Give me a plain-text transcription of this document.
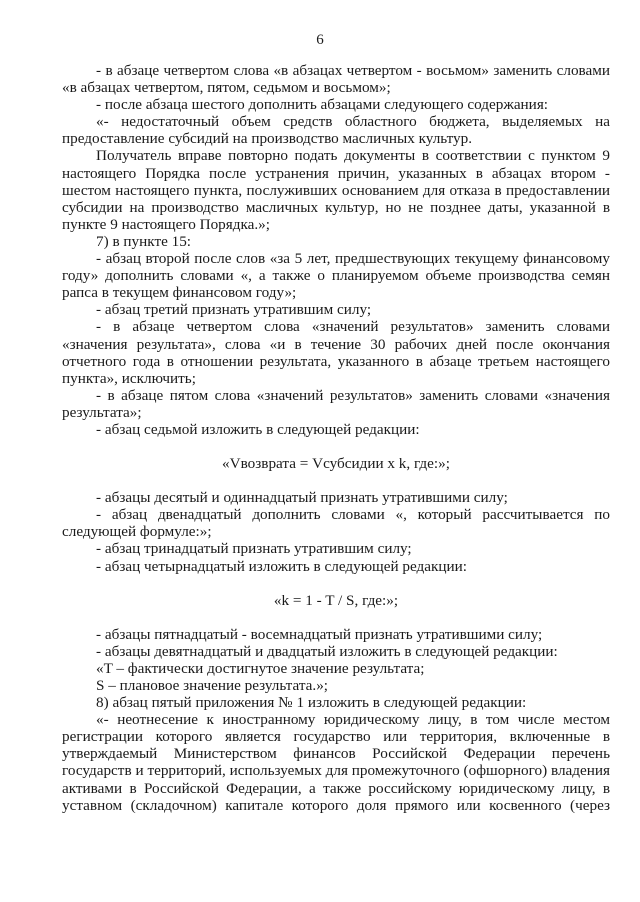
6

- в абзаце четвертом слова «в абзацах четвертом - восьмом» заменить словами «в абзацах четвертом, пятом, седьмом и восьмом»;

- после абзаца шестого дополнить абзацами следующего содержания:

«- недостаточный объем средств областного бюджета, выделяемых на предоставление субсидий на производство масличных культур.

Получатель вправе повторно подать документы в соответствии с пунктом 9 настоящего Порядка после устранения причин, указанных в абзацах втором - шестом настоящего пункта, послуживших основанием для отказа в предоставлении субсидии на производство масличных культур, но не позднее даты, указанной в пункте 9 настоящего Порядка.»;

7) в пункте 15:

- абзац второй после слов «за 5 лет, предшествующих текущему финансовому году» дополнить словами «, а также о планируемом объеме производства семян рапса в текущем финансовом году»;

- абзац третий признать утратившим силу;

- в абзаце четвертом слова «значений результатов» заменить словами «значения результата», слова «и в течение 30 рабочих дней после окончания отчетного года в отношении результата, указанного в абзаце третьем настоящего пункта», исключить;

- в абзаце пятом слова «значений результатов» заменить словами «значения результата»;

- абзац седьмой изложить в следующей редакции:

«Vвозврата = Vсубсидии x k, где:»;

- абзацы десятый и одиннадцатый признать утратившими силу;

- абзац двенадцатый дополнить словами «, который рассчитывается по следующей формуле:»;

- абзац тринадцатый признать утратившим силу;

- абзац четырнадцатый изложить в следующей редакции:

«k = 1 - T / S, где:»;

- абзацы пятнадцатый - восемнадцатый признать утратившими силу;

- абзацы девятнадцатый и двадцатый изложить в следующей редакции:

«T – фактически достигнутое значение результата;

S – плановое значение результата.»;

8) абзац пятый приложения № 1 изложить в следующей редакции:

«- неотнесение к иностранному юридическому лицу, в том числе местом регистрации которого является государство или территория, включенные в утверждаемый Министерством финансов Российской Федерации перечень государств и территорий, используемых для промежуточного (офшорного) владения активами в Российской Федерации, а также российскому юридическому лицу, в уставном (складочном) капитале которого доля прямого или косвенного (через
